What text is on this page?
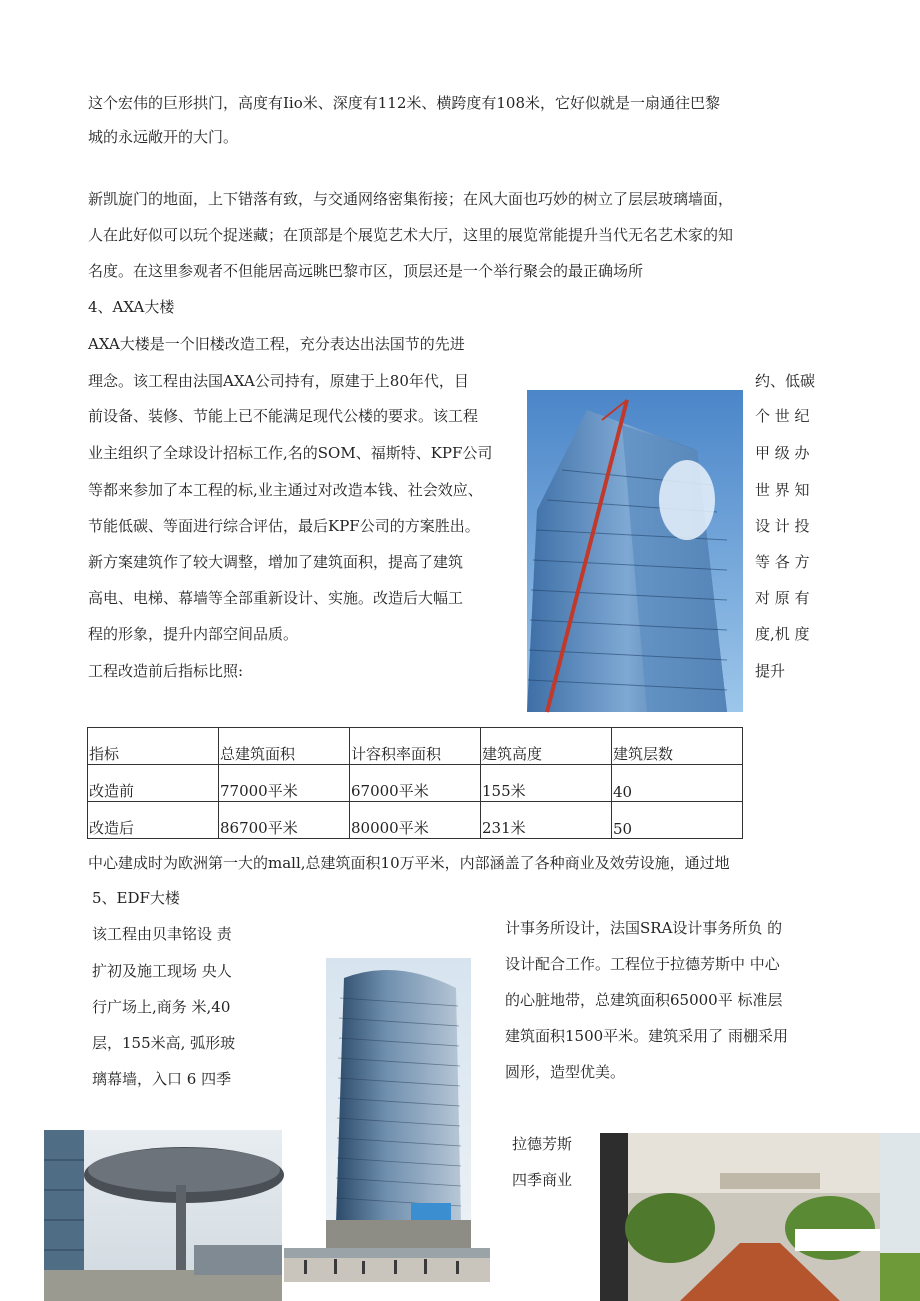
这个宏伟的巨形拱门，高度有Iio米、深度有112米、横跨度有108米，它好似就是一扇通往巴黎
城的永远敞开的大门。
新凯旋门的地面，上下错落有致，与交通网络密集衔接；在风大面也巧妙的树立了层层玻璃墙面，
人在此好似可以玩个捉迷藏；在顶部是个展览艺术大厅，这里的展览常能提升当代无名艺术家的知
名度。在这里参观者不但能居高远眺巴黎市区，顶层还是一个举行聚会的最正确场所
4、AXA大楼
AXA大楼是一个旧楼改造工程，充分表达出法国节的先进
理念。该工程由法国AXA公司持有，原建于上80年代，目
前设备、装修、节能上已不能满足现代公楼的要求。该工程
业主组织了全球设计招标工作,名的SOM、福斯特、KPF公司
等都来参加了本工程的标,业主通过对改造本钱、社会效应、
节能低碳、等面进行综合评估，最后KPF公司的方案胜出。
新方案建筑作了较大调整，增加了建筑面积，提高了建筑
高电、电梯、幕墙等全部重新设计、实施。改造后大幅工
程的形象，提升内部空间品质。
工程改造前后指标比照:
约、低碳
个 世 纪
甲 级 办
世 界 知
设 计 投
等 各 方
对 原 有
度,机 度
提升
指标	总建筑面积	计容积率面积	建筑高度	建筑层数
改造前	77000平米	67000平米	155米	40
改造后	86700平米	80000平米	231米	50
中心建成时为欧洲第一大的mall,总建筑面积10万平米，内部涵盖了各种商业及效劳设施，通过地
5、EDF大楼
该工程由贝聿铭设 责
扩初及施工现场 央人
行广场上,商务 米,40
层，155米高, 弧形玻
璃幕墙，入口 6 四季
计事务所设计，法国SRA设计事务所负 的
设计配合工作。工程位于拉德芳斯中 中心
的心脏地带，总建筑面积65000平 标准层
建筑面积1500平米。建筑采用了 雨棚采用
圆形，造型优美。
拉德芳斯
四季商业
